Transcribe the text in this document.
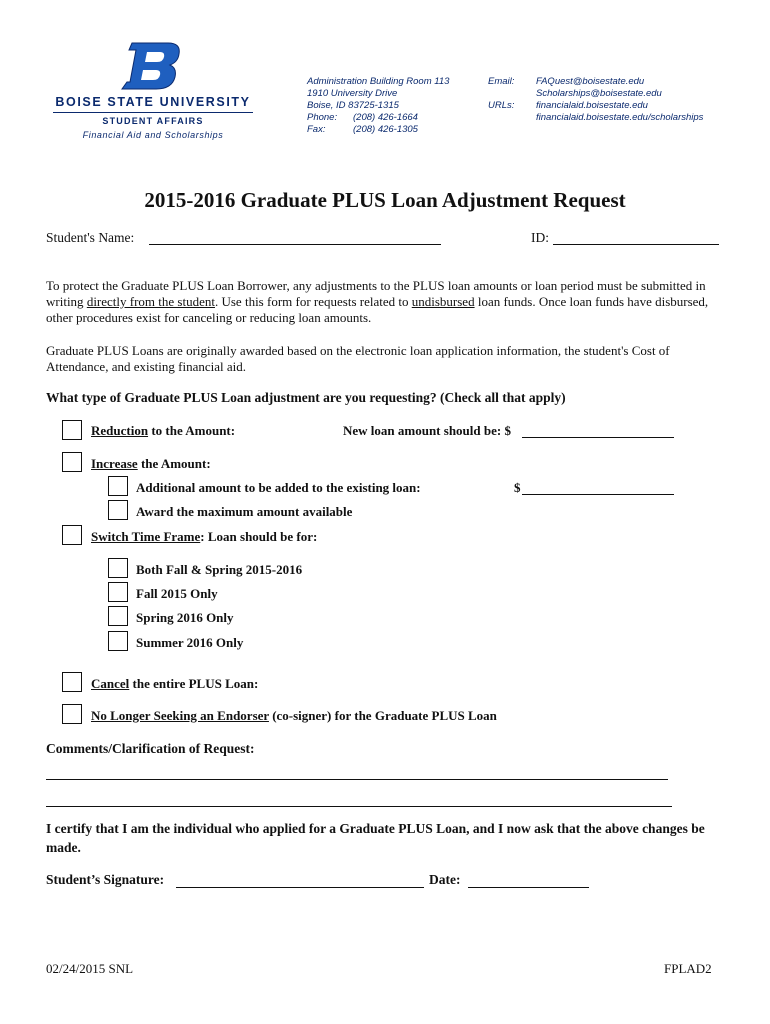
BOISE STATE UNIVERSITY
STUDENT AFFAIRS
Financial Aid and Scholarships
Administration Building Room 113
1910 University Drive
Boise, ID 83725-1315
Phone: (208) 426-1664
Fax:	(208) 426-1305
Email: FAQuest@boisestate.edu
Scholarships@boisestate.edu
URLs: financialaid.boisestate.edu
financialaid.boisestate.edu/scholarships
2015-2016 Graduate PLUS Loan Adjustment Request
Student's Name:	ID:
To protect the Graduate PLUS Loan Borrower, any adjustments to the PLUS loan amounts or loan period must be submitted in writing directly from the student. Use this form for requests related to undisbursed loan funds. Once loan funds have disbursed, other procedures exist for canceling or reducing loan amounts.
Graduate PLUS Loans are originally awarded based on the electronic loan application information, the student's Cost of Attendance, and existing financial aid.
What type of Graduate PLUS Loan adjustment are you requesting? (Check all that apply)
Reduction to the Amount:	New loan amount should be: $
Increase the Amount:
Additional amount to be added to the existing loan:	$
Award the maximum amount available
Switch Time Frame: Loan should be for:
Both Fall & Spring 2015-2016
Fall 2015 Only
Spring 2016 Only
Summer 2016 Only
Cancel the entire PLUS Loan:
No Longer Seeking an Endorser (co-signer) for the Graduate PLUS Loan
Comments/Clarification of Request:
I certify that I am the individual who applied for a Graduate PLUS Loan, and I now ask that the above changes be made.
Student’s Signature:	Date:
02/24/2015 SNL	FPLAD2
